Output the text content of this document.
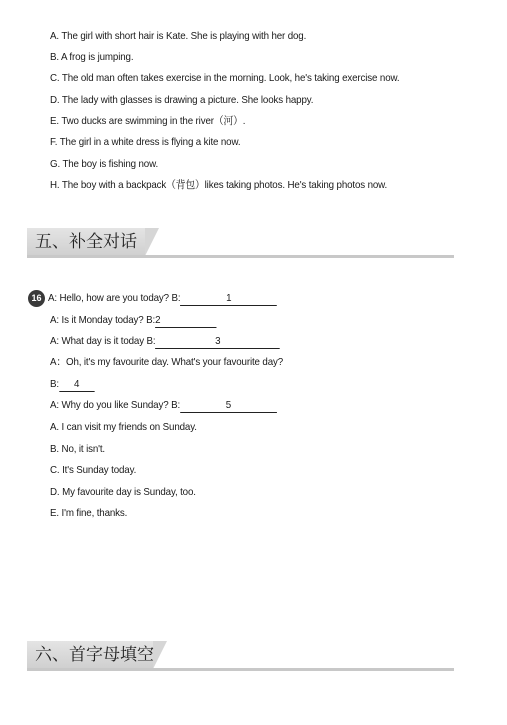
A. The girl with short hair is Kate. She is playing with her dog.
B. A frog is jumping.
C. The old man often takes exercise in the morning. Look, he's taking exercise now.
D. The lady with glasses is drawing a picture. She looks happy.
E. Two ducks are swimming in the river（河）.
F. The girl in a white dress is flying a kite now.
G. The boy is fishing now.
H. The boy with a backpack（背包）likes taking photos. He's taking photos now.
五、补全对话
16 A: Hello, how are you today? B:	1
A: Is it Monday today? B:2
A: What day is it today B:	3
A：Oh, it's my favourite day. What's your favourite day?
B: 4
A: Why do you like Sunday? B:	5
A. I can visit my friends on Sunday.
B. No, it isn't.
C. It's Sunday today.
D. My favourite day is Sunday, too.
E. I'm fine, thanks.
六、首字母填空
